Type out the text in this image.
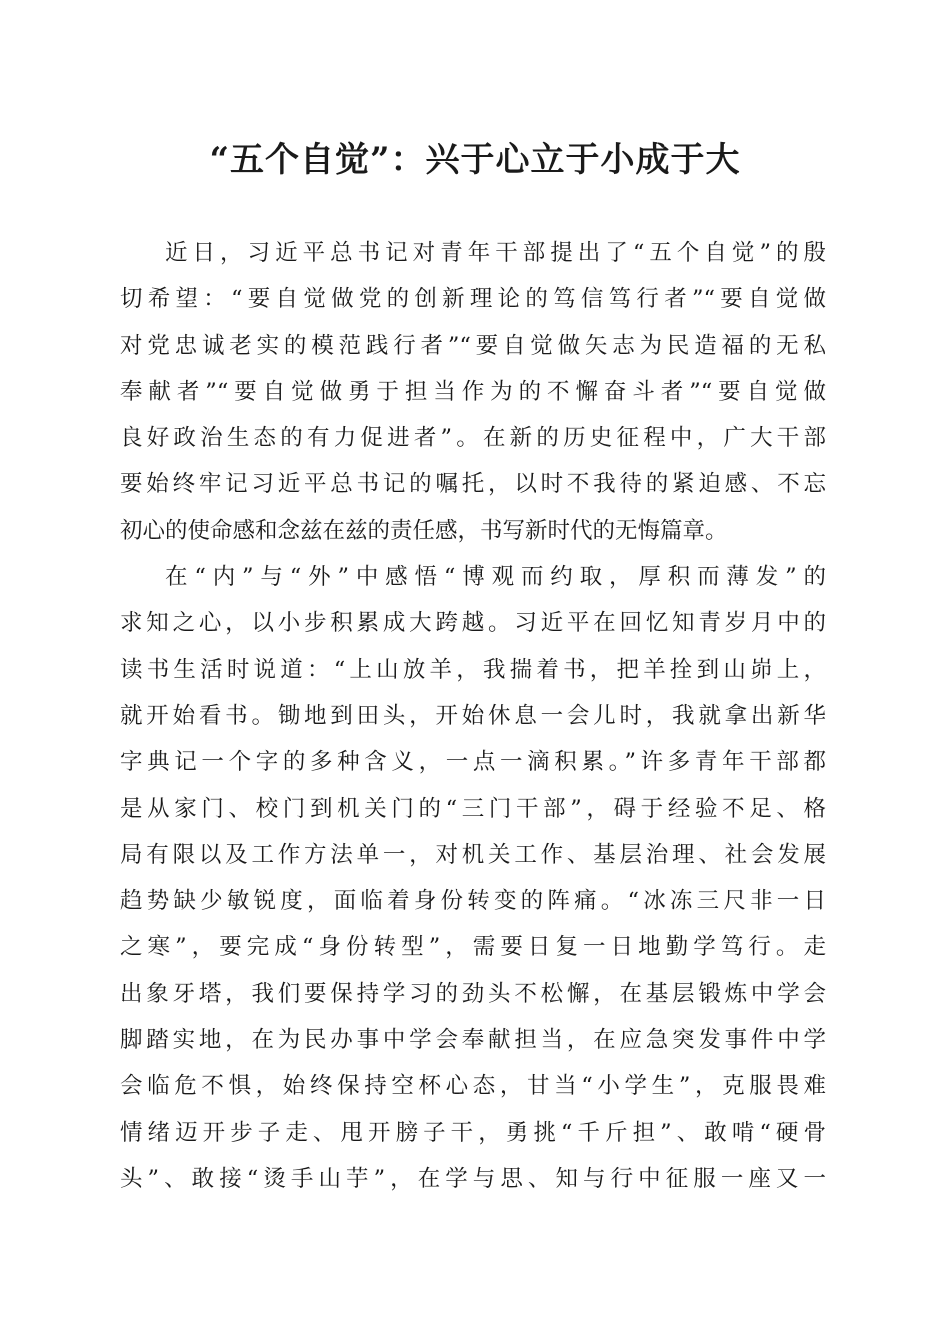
“五个自觉”：兴于心立于小成于大
近日，习近平总书记对青年干部提出了“五个自觉”的殷
切希望：“要自觉做党的创新理论的笃信笃行者”“要自觉做
对党忠诚老实的模范践行者”“要自觉做矢志为民造福的无私
奉献者”“要自觉做勇于担当作为的不懈奋斗者”“要自觉做
良好政治生态的有力促进者”。在新的历史征程中，广大干部
要始终牢记习近平总书记的嘱托，以时不我待的紧迫感、不忘
初心的使命感和念兹在兹的责任感，书写新时代的无悔篇章。
在“内”与“外”中感悟“博观而约取，厚积而薄发”的
求知之心，以小步积累成大跨越。习近平在回忆知青岁月中的
读书生活时说道：“上山放羊，我揣着书，把羊拴到山峁上，
就开始看书。锄地到田头，开始休息一会儿时，我就拿出新华
字典记一个字的多种含义，一点一滴积累。”许多青年干部都
是从家门、校门到机关门的“三门干部”，碍于经验不足、格
局有限以及工作方法单一，对机关工作、基层治理、社会发展
趋势缺少敏锐度，面临着身份转变的阵痛。“冰冻三尺非一日
之寒”，要完成“身份转型”，需要日复一日地勤学笃行。走
出象牙塔，我们要保持学习的劲头不松懈，在基层锻炼中学会
脚踏实地，在为民办事中学会奉献担当，在应急突发事件中学
会临危不惧，始终保持空杯心态，甘当“小学生”，克服畏难
情绪迈开步子走、甩开膀子干，勇挑“千斤担”、敢啃“硬骨
头”、敢接“烫手山芋”，在学与思、知与行中征服一座又一
